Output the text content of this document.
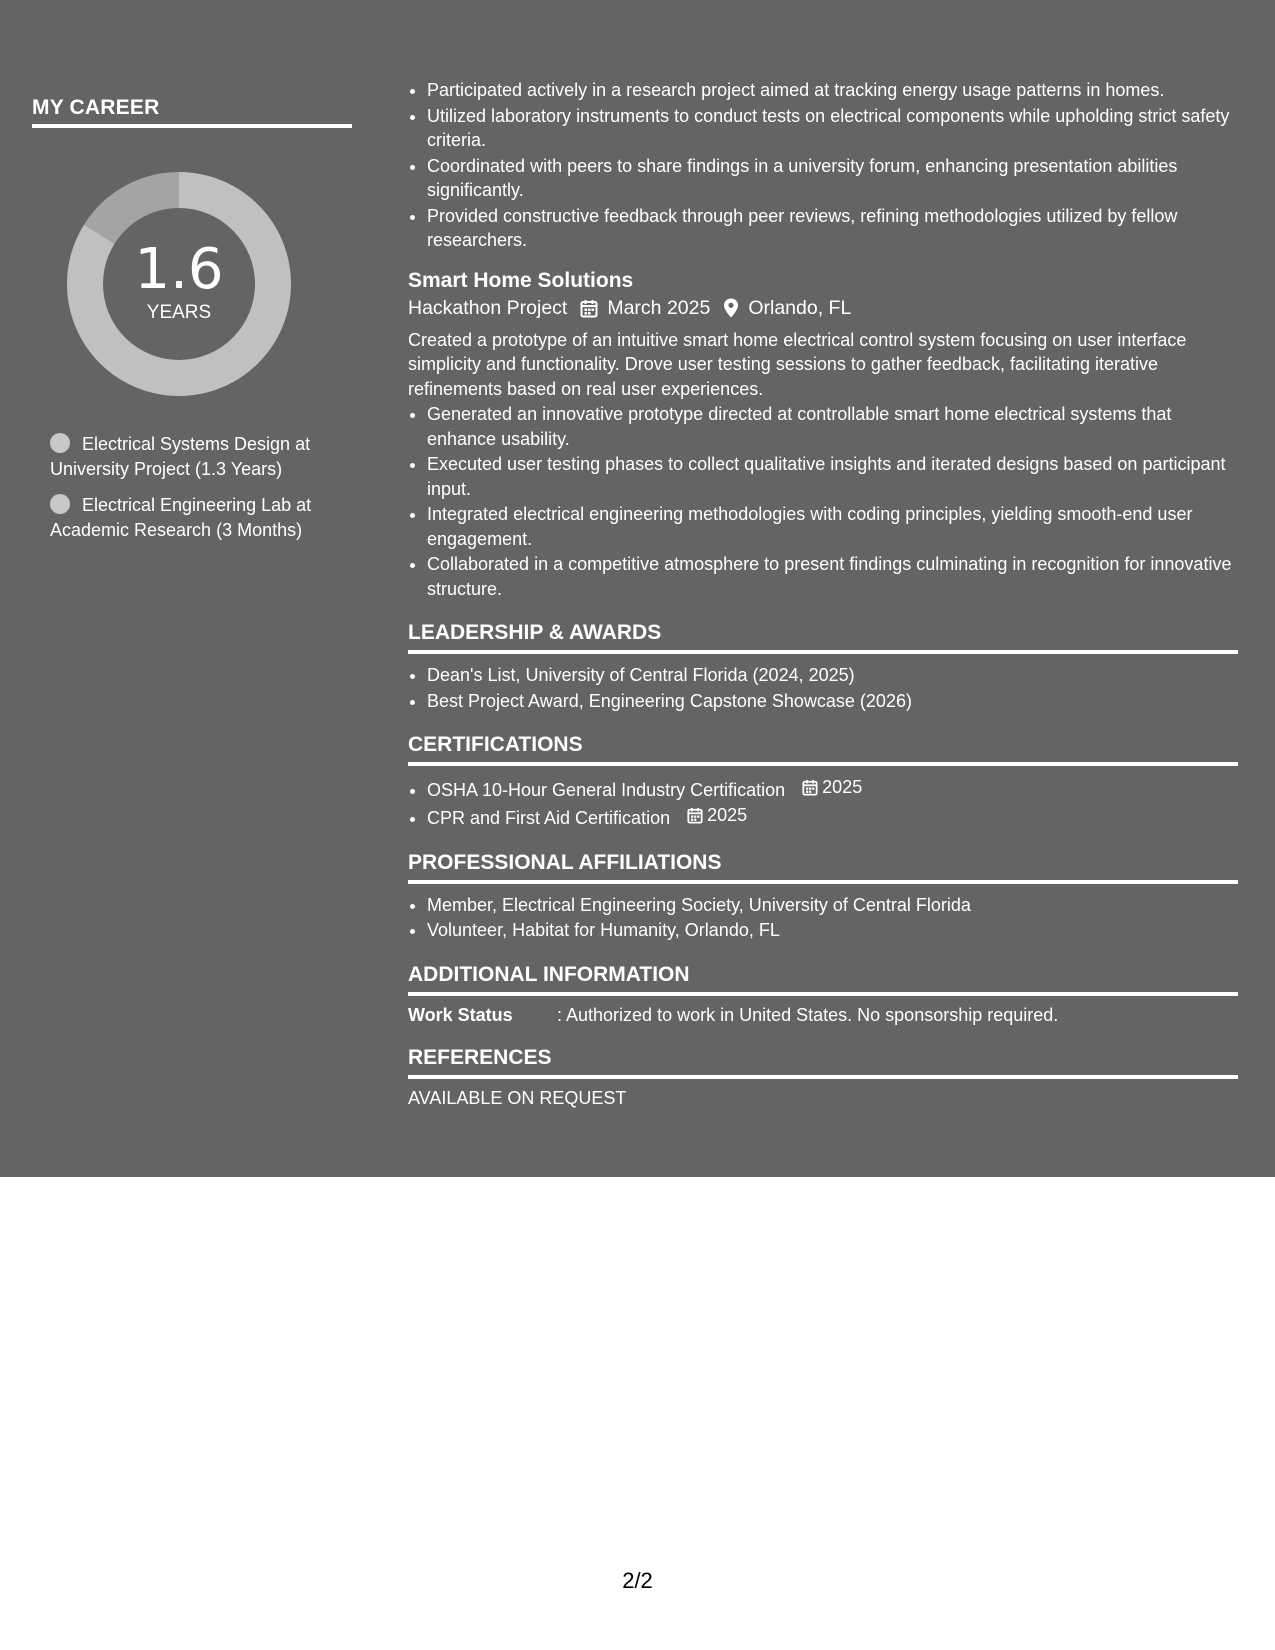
MY CAREER
1.6
YEARS
Electrical Systems Design at University Project (1.3 Years)
Electrical Engineering Lab at Academic Research (3 Months)
• Participated actively in a research project aimed at tracking energy usage patterns in homes.
• Utilized laboratory instruments to conduct tests on electrical components while upholding strict safety criteria.
• Coordinated with peers to share findings in a university forum, enhancing presentation abilities significantly.
• Provided constructive feedback through peer reviews, refining methodologies utilized by fellow researchers.
Smart Home Solutions
Hackathon Project March 2025 Orlando, FL

Created a prototype of an intuitive smart home electrical control system focusing on user interface simplicity and functionality. Drove user testing sessions to gather feedback, facilitating iterative refinements based on real user experiences.

• Generated an innovative prototype directed at controllable smart home electrical systems that enhance usability.
• Executed user testing phases to collect qualitative insights and iterated designs based on participant input.
• Integrated electrical engineering methodologies with coding principles, yielding smooth-end user engagement.
• Collaborated in a competitive atmosphere to present findings culminating in recognition for innovative structure.
LEADERSHIP & AWARDS
• Dean's List, University of Central Florida (2024, 2025)
• Best Project Award, Engineering Capstone Showcase (2026)
CERTIFICATIONS
• OSHA 10-Hour General Industry Certification 2025
• CPR and First Aid Certification 2025
PROFESSIONAL AFFILIATIONS
• Member, Electrical Engineering Society, University of Central Florida
• Volunteer, Habitat for Humanity, Orlando, FL
ADDITIONAL INFORMATION
Work Status	: Authorized to work in United States. No sponsorship required.
REFERENCES
AVAILABLE ON REQUEST
2/2
